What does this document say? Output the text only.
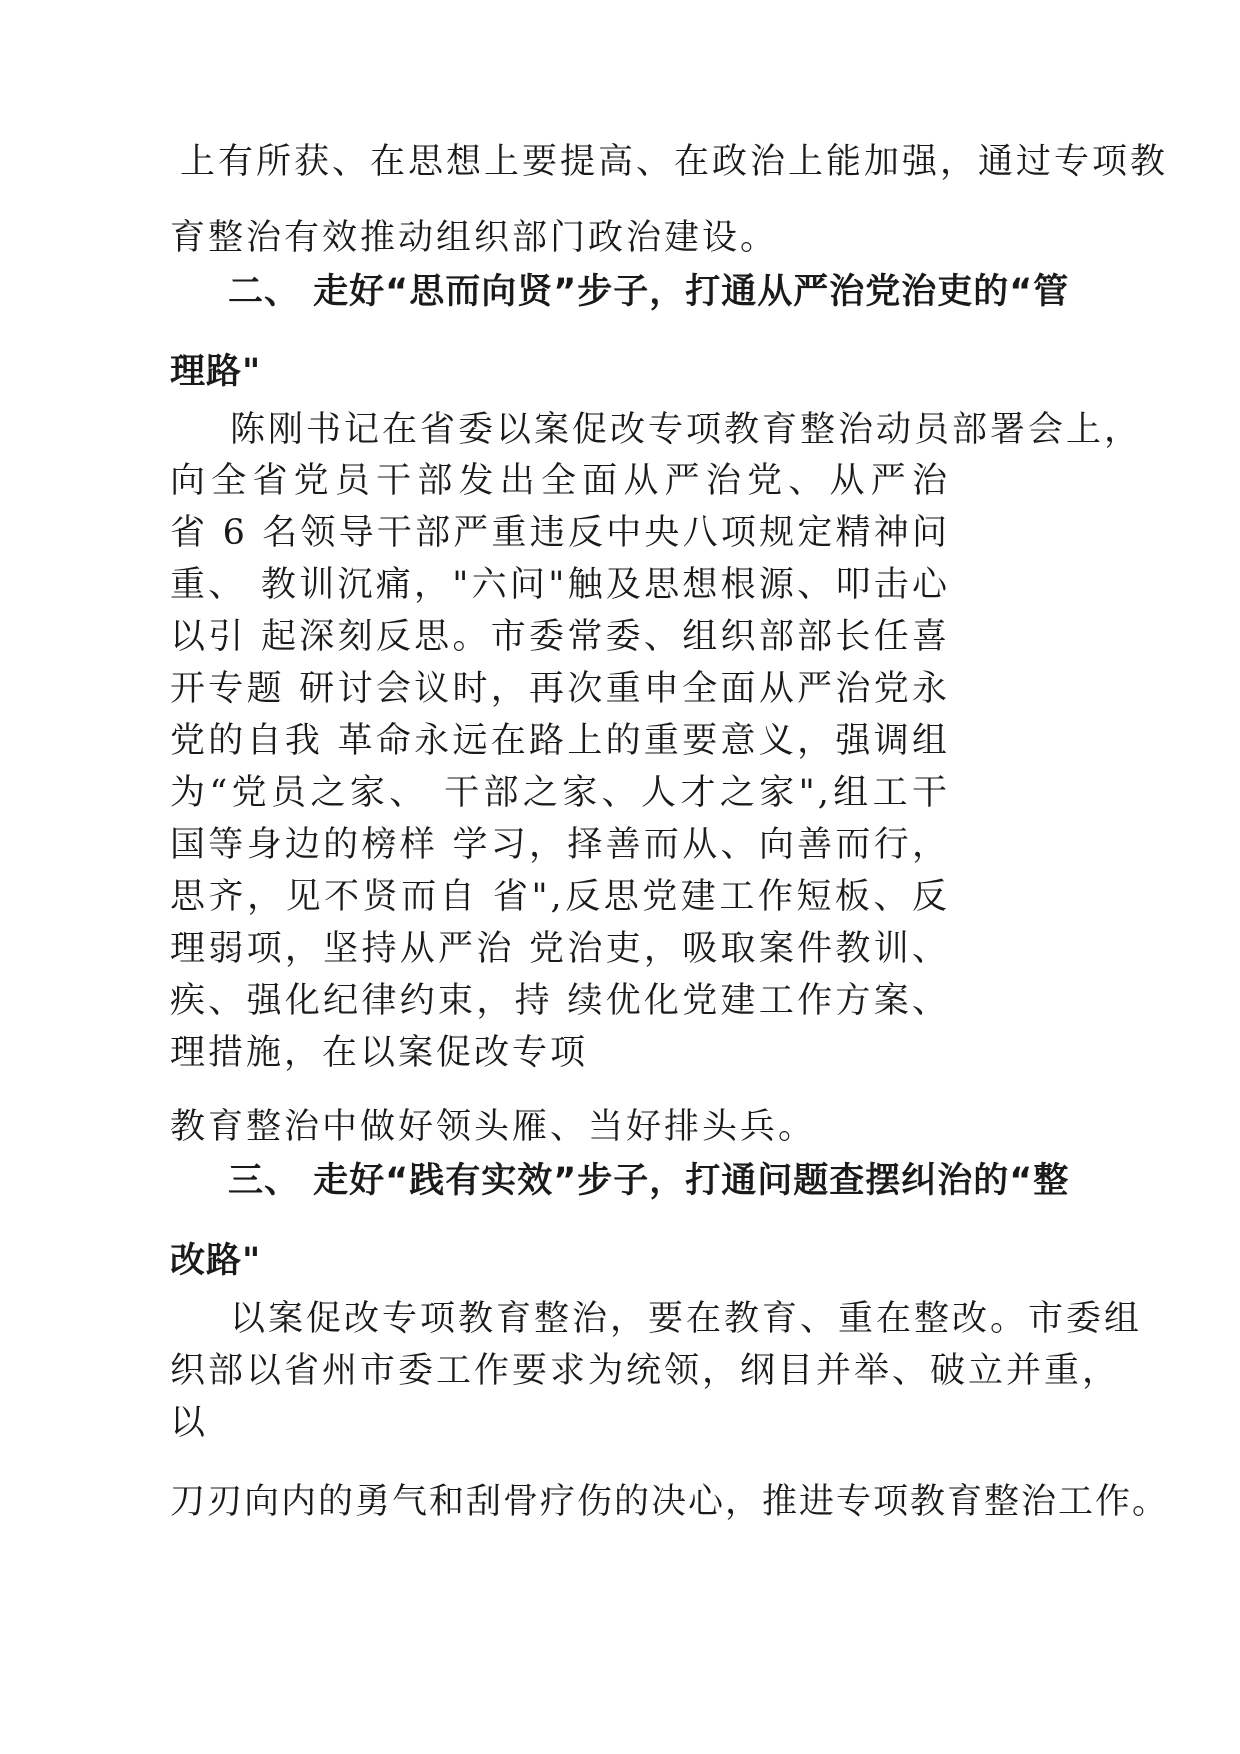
上有所获、在思想上要提高、在政治上能加强，通过专项教
育整治有效推动组织部门政治建设。
二、 走好“思而向贤”步子，打通从严治党治吏的“管
理路"
陈刚书记在省委以案促改专项教育整治动员部署会上，
向全省党员干部发出全面从严治党、从严治
省 6 名领导干部严重违反中央八项规定精神问
重、 教训沉痛，"六问"触及思想根源、叩击心
以引 起深刻反思。市委常委、组织部部长任喜
开专题 研讨会议时，再次重申全面从严治党永
党的自我 革命永远在路上的重要意义，强调组
为“党员之家、 干部之家、人才之家",组工干
国等身边的榜样 学习，择善而从、向善而行，
思齐，见不贤而自 省",反思党建工作短板、反
理弱项，坚持从严治 党治吏，吸取案件教训、
疾、强化纪律约束，持 续优化党建工作方案、
理措施，在以案促改专项
教育整治中做好领头雁、当好排头兵。
三、 走好“践有实效”步子，打通问题查摆纠治的“整
改路"
以案促改专项教育整治，要在教育、重在整改。市委组
织部以省州市委工作要求为统领，纲目并举、破立并重，
以
刀刃向内的勇气和刮骨疗伤的决心，推进专项教育整治工作。
